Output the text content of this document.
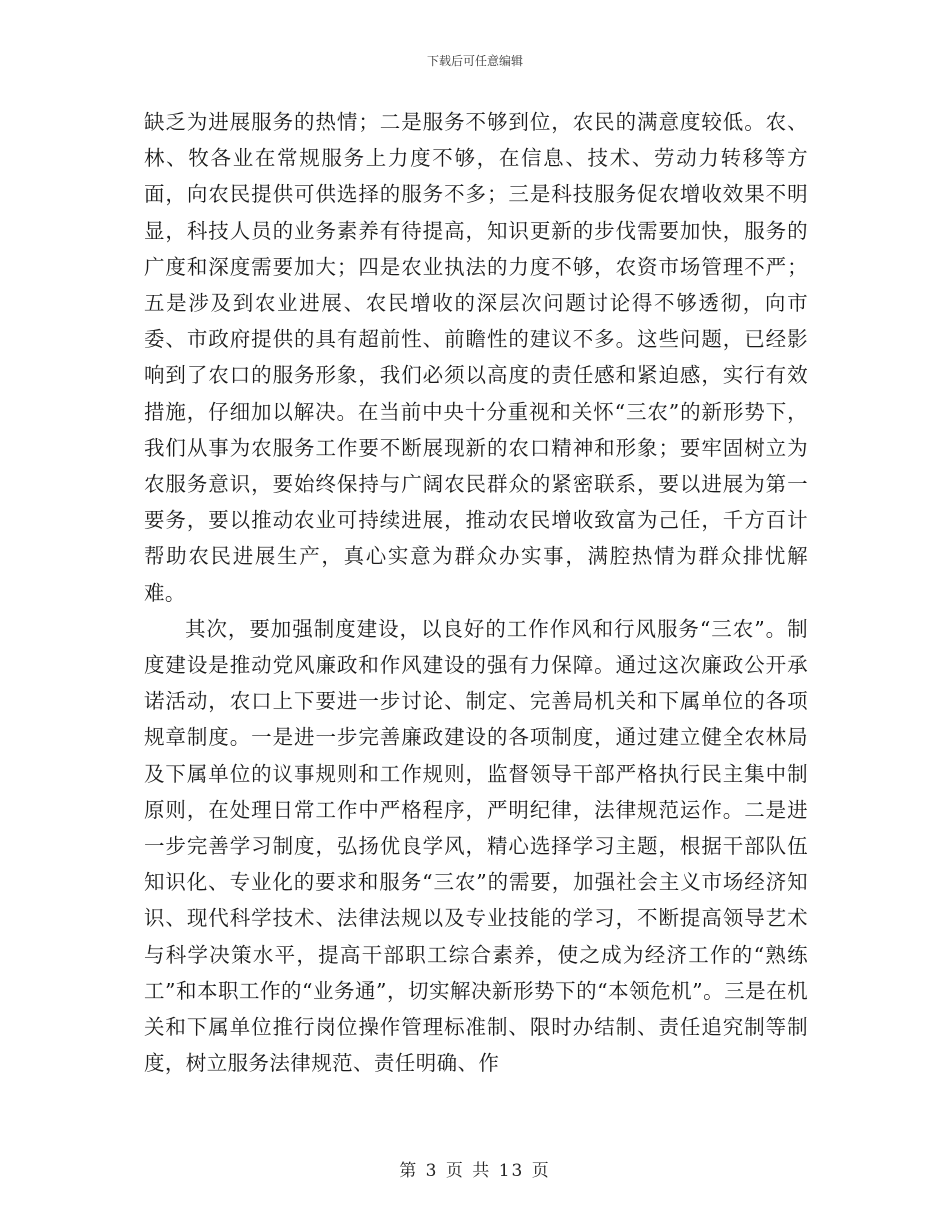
下载后可任意编辑

缺乏为进展服务的热情；二是服务不够到位，农民的满意度较低。农、林、牧各业在常规服务上力度不够，在信息、技术、劳动力转移等方面，向农民提供可供选择的服务不多；三是科技服务促农增收效果不明显，科技人员的业务素养有待提高，知识更新的步伐需要加快，服务的广度和深度需要加大；四是农业执法的力度不够，农资市场管理不严；五是涉及到农业进展、农民增收的深层次问题讨论得不够透彻，向市委、市政府提供的具有超前性、前瞻性的建议不多。这些问题，已经影响到了农口的服务形象，我们必须以高度的责任感和紧迫感，实行有效措施，仔细加以解决。在当前中央十分重视和关怀“三农”的新形势下，我们从事为农服务工作要不断展现新的农口精神和形象；要牢固树立为农服务意识，要始终保持与广阔农民群众的紧密联系，要以进展为第一要务，要以推动农业可持续进展，推动农民增收致富为己任，千方百计帮助农民进展生产，真心实意为群众办实事，满腔热情为群众排忧解难。

其次，要加强制度建设，以良好的工作作风和行风服务“三农”。制度建设是推动党风廉政和作风建设的强有力保障。通过这次廉政公开承诺活动，农口上下要进一步讨论、制定、完善局机关和下属单位的各项规章制度。一是进一步完善廉政建设的各项制度，通过建立健全农林局及下属单位的议事规则和工作规则，监督领导干部严格执行民主集中制原则，在处理日常工作中严格程序，严明纪律，法律规范运作。二是进一步完善学习制度，弘扬优良学风，精心选择学习主题，根据干部队伍知识化、专业化的要求和服务“三农”的需要，加强社会主义市场经济知识、现代科学技术、法律法规以及专业技能的学习，不断提高领导艺术与科学决策水平，提高干部职工综合素养，使之成为经济工作的“熟练工”和本职工作的“业务通”，切实解决新形势下的“本领危机”。三是在机关和下属单位推行岗位操作管理标准制、限时办结制、责任追究制等制度，树立服务法律规范、责任明确、作

第 3 页 共 13 页
